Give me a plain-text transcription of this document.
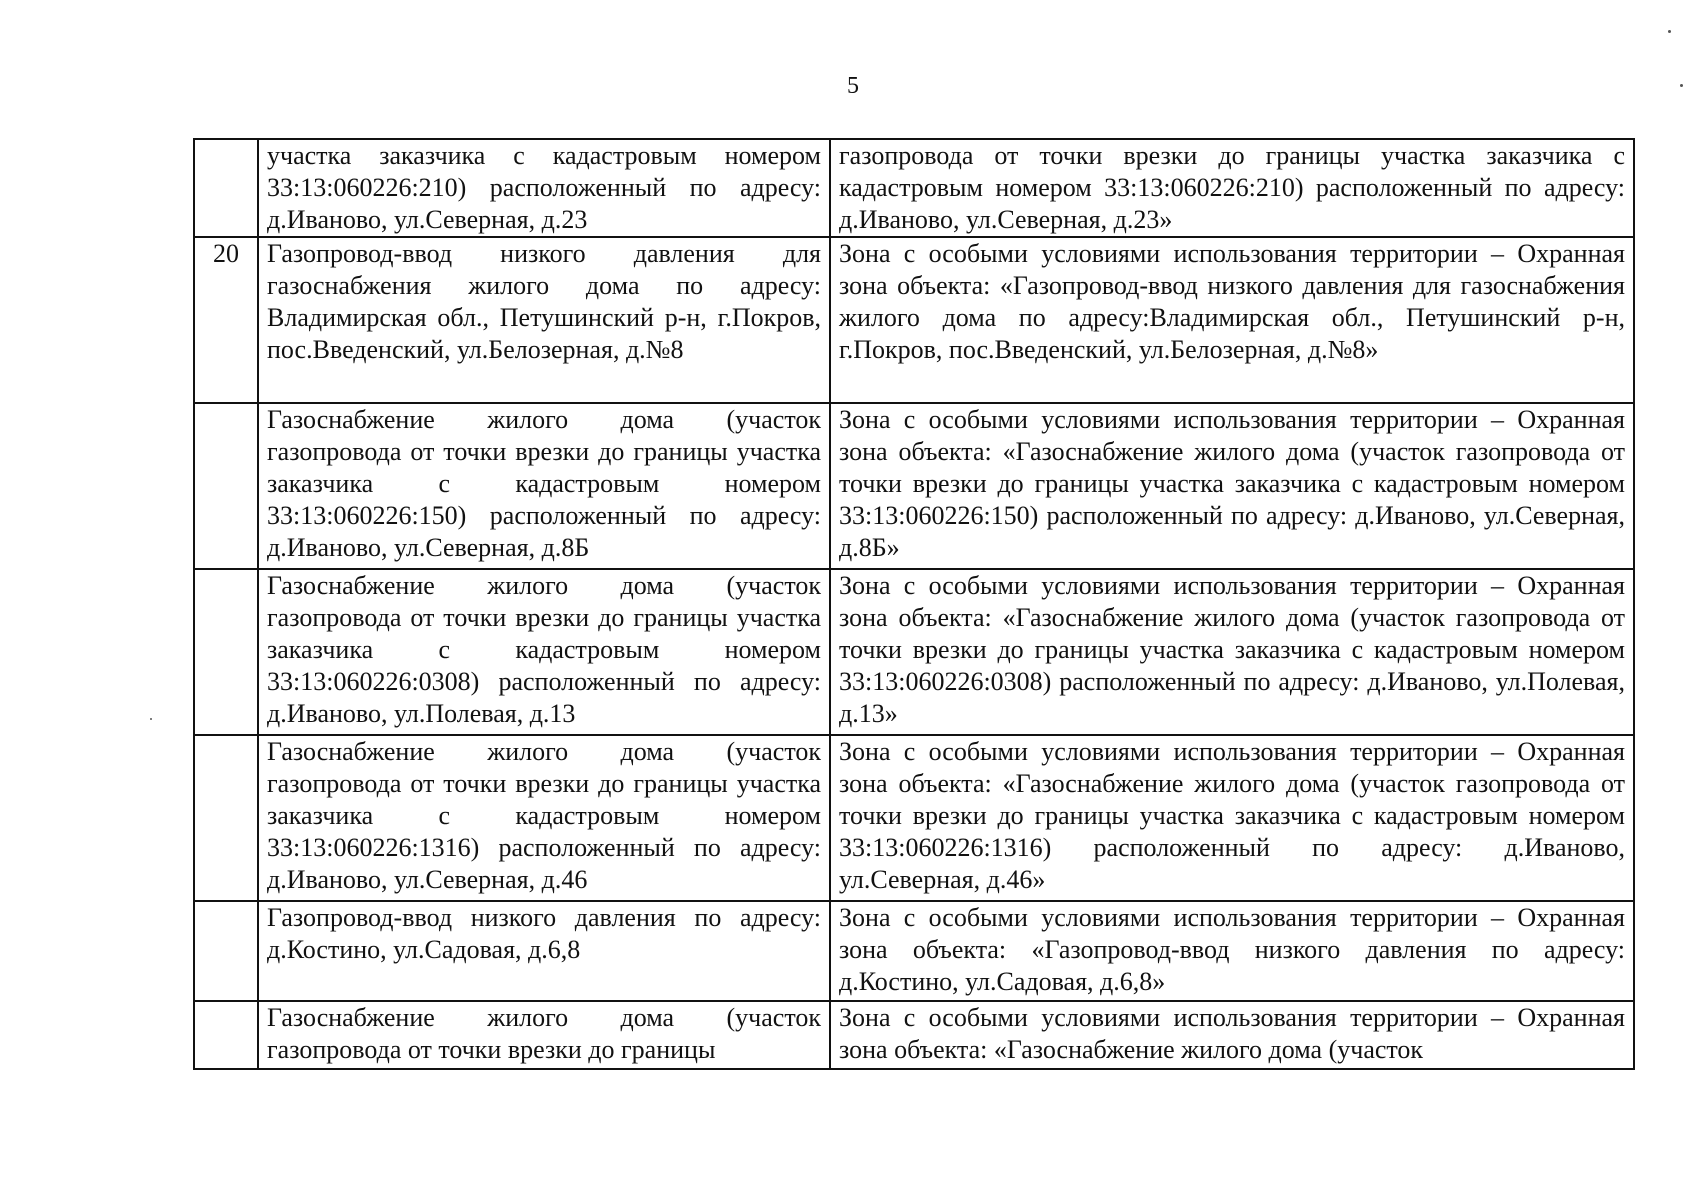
5
	участка заказчика с кадастровым номером 33:13:060226:210) расположенный по адресу: д.Иваново, ул.Северная, д.23	газопровода от точки врезки до границы участка заказчика с кадастровым номером 33:13:060226:210) расположенный по адресу: д.Иваново, ул.Северная, д.23»
20	Газопровод-ввод низкого давления для газоснабжения жилого дома по адресу: Владимирская обл., Петушинский р-н, г.Покров, пос.Введенский, ул.Белозерная, д.№8	Зона с особыми условиями использования территории – Охранная зона объекта: «Газопровод-ввод низкого давления для газоснабжения жилого дома по адресу:Владимирская обл., Петушинский р-н, г.Покров, пос.Введенский, ул.Белозерная, д.№8»
	Газоснабжение жилого дома (участок газопровода от точки врезки до границы участка заказчика с кадастровым номером 33:13:060226:150) расположенный по адресу: д.Иваново, ул.Северная, д.8Б	Зона с особыми условиями использования территории – Охранная зона объекта: «Газоснабжение жилого дома (участок газопровода от точки врезки до границы участка заказчика с кадастровым номером 33:13:060226:150) расположенный по адресу: д.Иваново, ул.Северная, д.8Б»
	Газоснабжение жилого дома (участок газопровода от точки врезки до границы участка заказчика с кадастровым номером 33:13:060226:0308) расположенный по адресу: д.Иваново, ул.Полевая, д.13	Зона с особыми условиями использования территории – Охранная зона объекта: «Газоснабжение жилого дома (участок газопровода от точки врезки до границы участка заказчика с кадастровым номером 33:13:060226:0308) расположенный по адресу: д.Иваново, ул.Полевая, д.13»
	Газоснабжение жилого дома (участок газопровода от точки врезки до границы участка заказчика с кадастровым номером 33:13:060226:1316) расположенный по адресу: д.Иваново, ул.Северная, д.46	Зона с особыми условиями использования территории – Охранная зона объекта: «Газоснабжение жилого дома (участок газопровода от точки врезки до границы участка заказчика с кадастровым номером 33:13:060226:1316) расположенный по адресу: д.Иваново, ул.Северная, д.46»
	Газопровод-ввод низкого давления по адресу: д.Костино, ул.Садовая, д.6,8	Зона с особыми условиями использования территории – Охранная зона объекта: «Газопровод-ввод низкого давления по адресу: д.Костино, ул.Садовая, д.6,8»
	Газоснабжение жилого дома (участок газопровода от точки врезки до границы	Зона с особыми условиями использования территории – Охранная зона объекта: «Газоснабжение жилого дома (участок
